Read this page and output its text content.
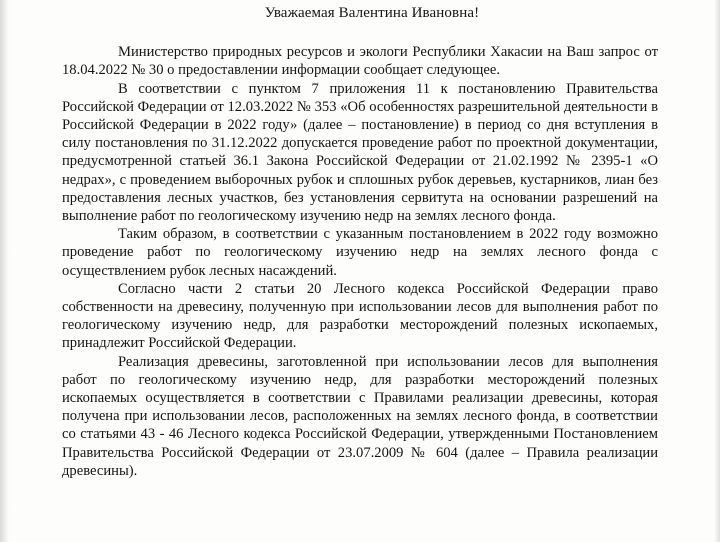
Уважаемая Валентина Ивановна!

Министерство природных ресурсов и экологи Республики Хакасии на Ваш запрос от 18.04.2022 № 30 о предоставлении информации сообщает следующее.

В соответствии с пунктом 7 приложения 11 к постановлению Правительства Российской Федерации от 12.03.2022 № 353 «Об особенностях разрешительной деятельности в Российской Федерации в 2022 году» (далее – постановление) в период со дня вступления в силу постановления по 31.12.2022 допускается проведение работ по проектной документации, предусмотренной статьей 36.1 Закона Российской Федерации от 21.02.1992 № 2395-1 «О недрах», с проведением выборочных рубок и сплошных рубок деревьев, кустарников, лиан без предоставления лесных участков, без установления сервитута на основании разрешений на выполнение работ по геологическому изучению недр на землях лесного фонда.

Таким образом, в соответствии с указанным постановлением в 2022 году возможно проведение работ по геологическому изучению недр на землях лесного фонда с осуществлением рубок лесных насаждений.

Согласно части 2 статьи 20 Лесного кодекса Российской Федерации право собственности на древесину, полученную при использовании лесов для выполнения работ по геологическому изучению недр, для разработки месторождений полезных ископаемых, принадлежит Российской Федерации.

Реализация древесины, заготовленной при использовании лесов для выполнения работ по геологическому изучению недр, для разработки месторождений полезных ископаемых осуществляется в соответствии с Правилами реализации древесины, которая получена при использовании лесов, расположенных на землях лесного фонда, в соответствии со статьями 43 - 46 Лесного кодекса Российской Федерации, утвержденными Постановлением Правительства Российской Федерации от 23.07.2009 № 604 (далее – Правила реализации древесины).
